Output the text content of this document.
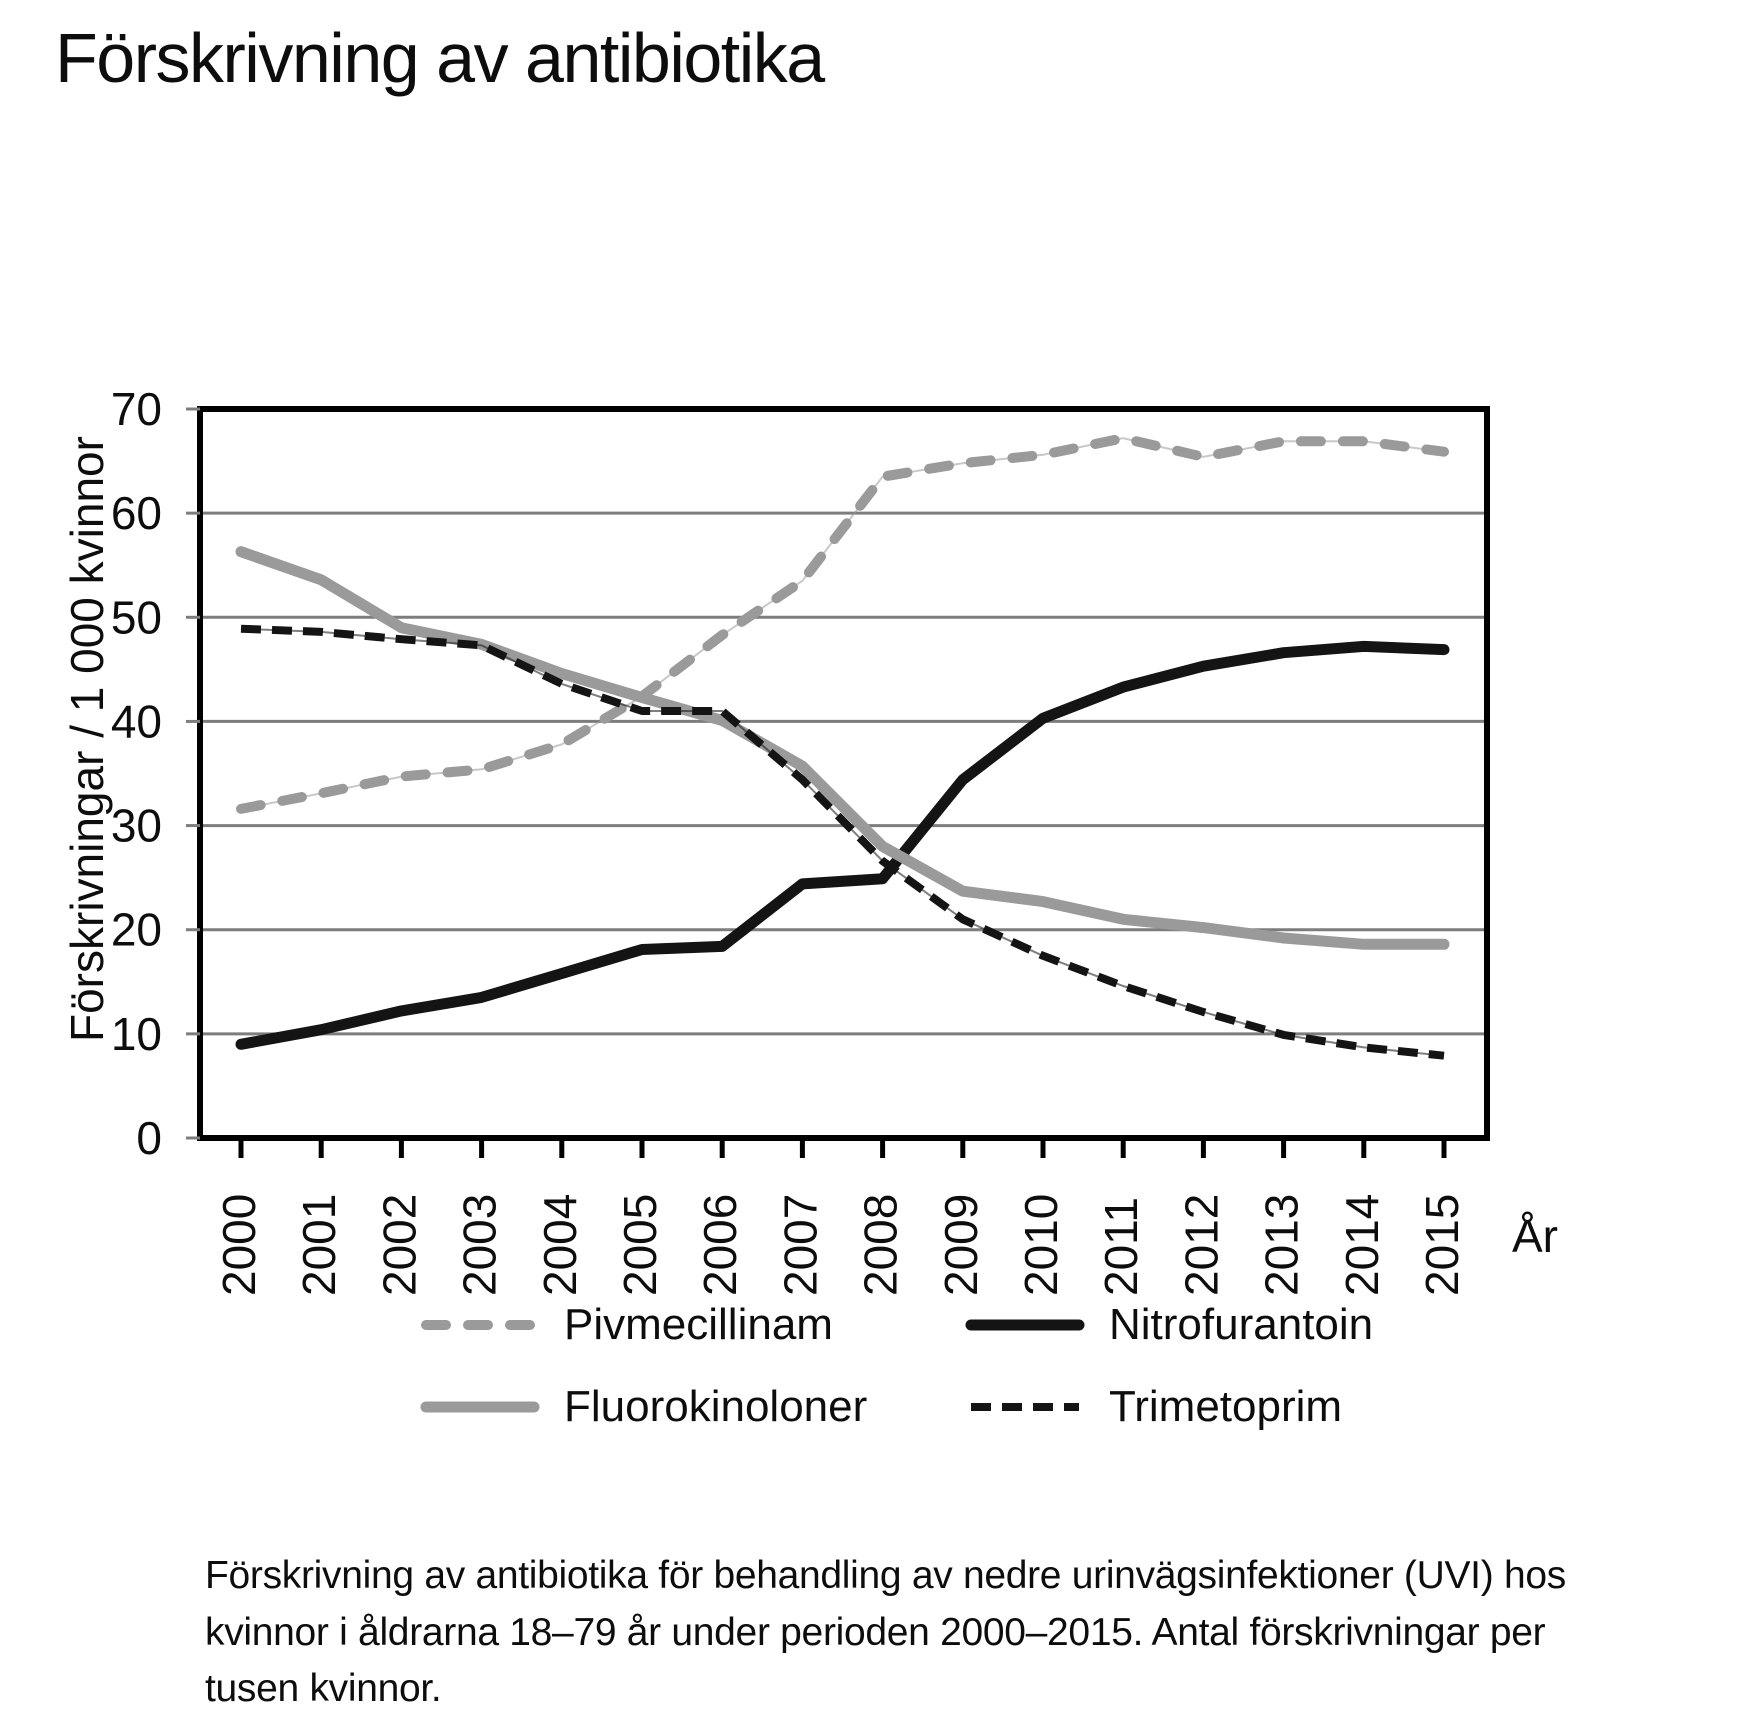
Förskrivning av antibiotika
0
10
20
30
40
50
60
70
2000 2001 2002 2003 2004 2005 2006 2007 2008 2009 2010 2011 2012 2013 2014 2015
Förskrivningar / 1 000 kvinnor
År
Pivmecillinam	Nitrofurantoin
Fluorokinoloner	Trimetoprim
Förskrivning av antibiotika för behandling av nedre urinvägsinfektioner (UVI) hos kvinnor i åldrarna 18–79 år under perioden 2000–2015. Antal förskrivningar per tusen kvinnor.
